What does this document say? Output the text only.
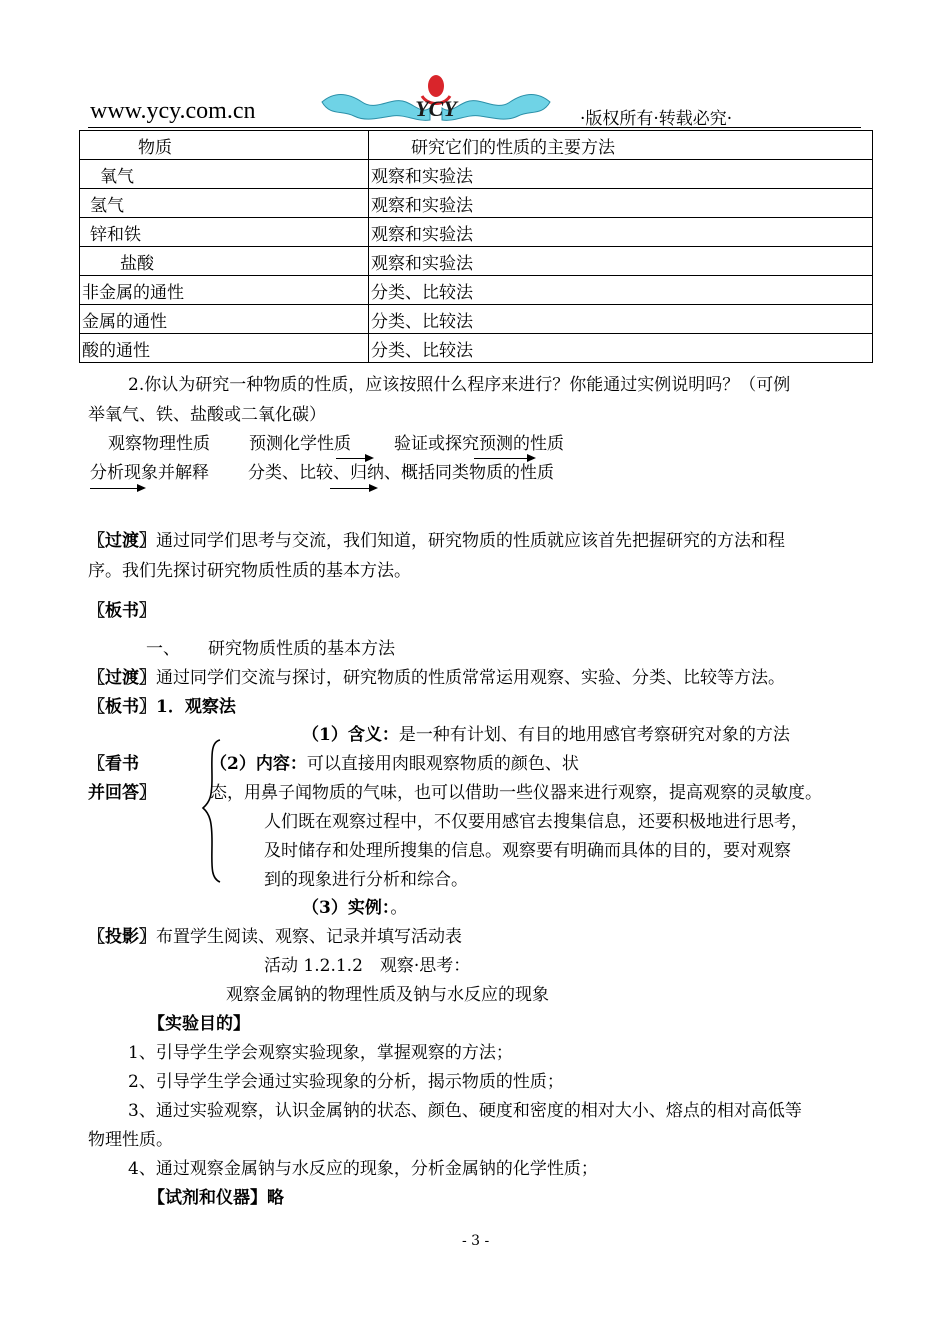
www.ycy.com.cn	YCY	·版权所有·转载必究·
物质	研究它们的性质的主要方法
氧气	观察和实验法
氢气	观察和实验法
锌和铁	观察和实验法
盐酸	观察和实验法
非金属的通性	分类、比较法
金属的通性	分类、比较法
酸的通性	分类、比较法
2.你认为研究一种物质的性质，应该按照什么程序来进行？你能通过实例说明吗？（可例
举氧气、铁、盐酸或二氧化碳）
观察物理性质 预测化学性质	验证或探究预测的性质
分析现象并解释 分类、比较、归纳、概括同类物质的性质
〖过渡〗通过同学们思考与交流，我们知道，研究物质的性质就应该首先把握研究的方法和程
序。我们先探讨研究物质性质的基本方法。
〖板书〗
一、 研究物质性质的基本方法
〖过渡〗通过同学们交流与探讨，研究物质的性质常常运用观察、实验、分类、比较等方法。
〖板书〗1．观察法
（1）含义：是一种有计划、有目的地用感官考察研究对象的方法
〖看书
并回答〗
（2）内容：可以直接用肉眼观察物质的颜色、状
态，用鼻子闻物质的气味，也可以借助一些仪器来进行观察，提高观察的灵敏度。
人们既在观察过程中，不仅要用感官去搜集信息，还要积极地进行思考，
及时储存和处理所搜集的信息。观察要有明确而具体的目的，要对观察
到的现象进行分析和综合。
（3）实例：。
〖投影〗布置学生阅读、观察、记录并填写活动表
活动 1.2.1.2　观察·思考：
观察金属钠的物理性质及钠与水反应的现象
【实验目的】
1、引导学生学会观察实验现象，掌握观察的方法；
2、引导学生学会通过实验现象的分析，揭示物质的性质；
3、通过实验观察，认识金属钠的状态、颜色、硬度和密度的相对大小、熔点的相对高低等
物理性质。
4、通过观察金属钠与水反应的现象，分析金属钠的化学性质；
【试剂和仪器】略
- 3 -
